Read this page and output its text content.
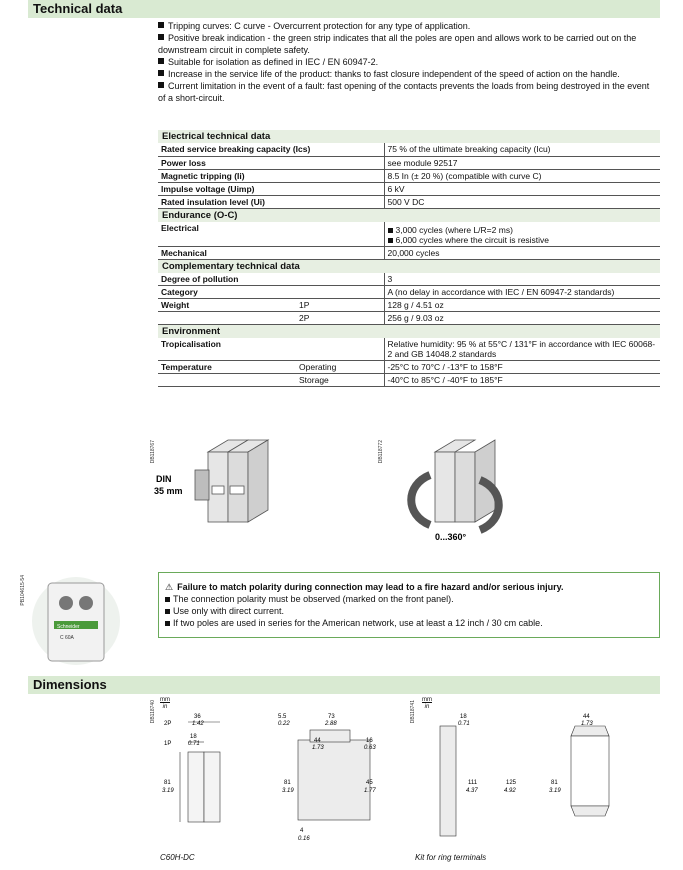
Technical data

Tripping curves: C curve - Overcurrent protection for any type of application.

Positive break indication - the green strip indicates that all the poles are open and allows work to be carried out on the downstream circuit in complete safety.

Suitable for isolation as defined in IEC / EN 60947-2.

Increase in the service life of the product: thanks to fast closure independent of the speed of action on the handle.

Current limitation in the event of a fault: fast opening of the contacts prevents the loads from being destroyed in the event of a short-circuit.

Electrical technical data		
Rated service breaking capacity (Ics)		75 % of the ultimate breaking capacity (Icu)
Power loss		see module 92517
Magnetic tripping (Ii)		8.5 In (± 20 %) (compatible with curve C)
Impulse voltage (Uimp)		6 kV
Rated insulation level (Ui)		500 V DC
Endurance (O-C)		
Electrical		3,000 cycles (where L/R=2 ms)
6,000 cycles where the circuit is resistive

Mechanical		20,000 cycles
Complementary technical data		
Degree of pollution		3
Category		A (no delay in accordance with IEC / EN 60947-2 standards)
Weight	1P	128 g / 4.51 oz
	2P	256 g / 9.03 oz
Environment		
Tropicalisation		Relative humidity: 95 % at 55°C / 131°F in accordance with IEC 60068-2 and GB 14048.2 standards
Temperature	Operating	-25°C to 70°C / -13°F to 158°F
	Storage	-40°C to 85°C / -40°F to 185°F
DB118767
DIN
35 mm
DB118772
0...360°
PB104615-54
Schneider
C 60A
⚠ Failure to match polarity during connection may lead to a fire hazard and/or serious injury.
The connection polarity must be observed (marked on the front panel).
Use only with direct current.
If two poles are used in series for the American network, use at least a 12 inch / 30 cm cable.
Dimensions
DB118740 mm
in
2P
1P
36
1.42
18
0.71
81
3.19
5.5
0.22
73
2.88
44
1.73
16
0.63
81
3.19
45
1.77
4
0.16
C60H-DC
DB118741 mm
in
18
0.71
111
4.37
125
4.92
Kit for ring terminals
44
1.73
81
3.19
